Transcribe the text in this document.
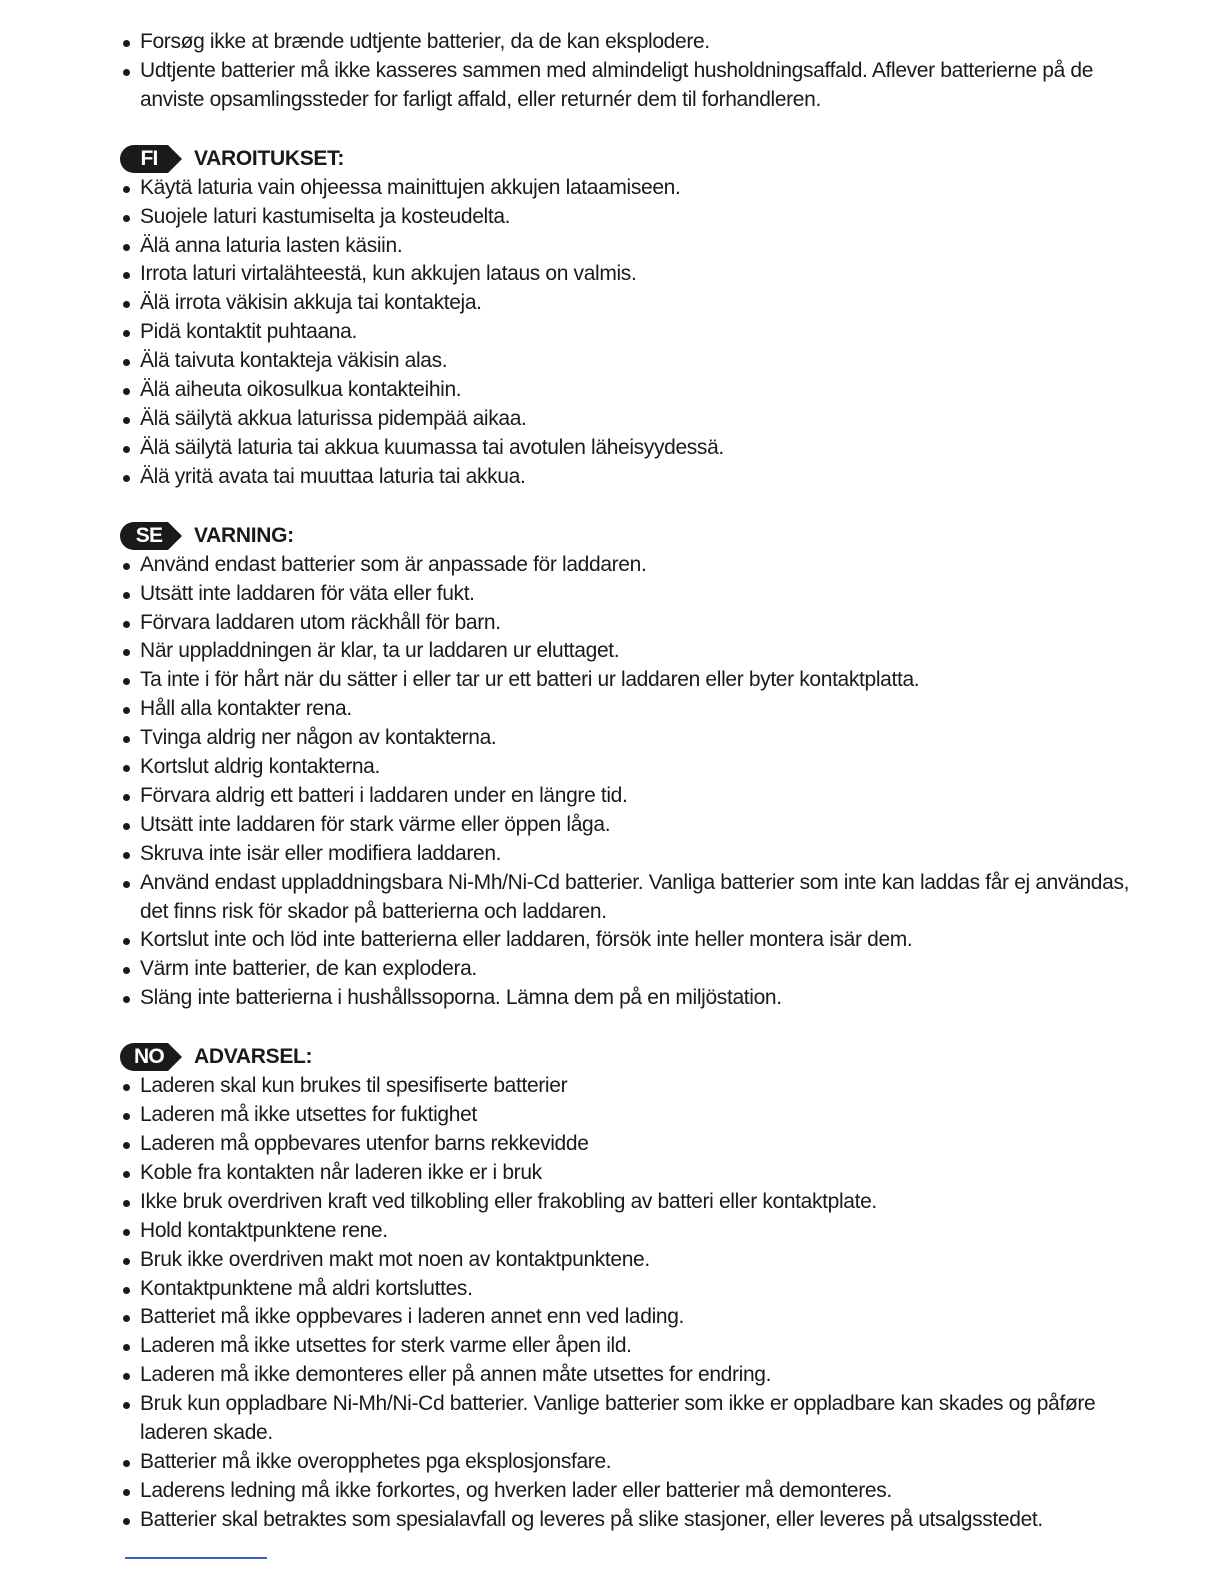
Forsøg ikke at brænde udtjente batterier, da de kan eksplodere.
Udtjente batterier må ikke kasseres sammen med almindeligt husholdningsaffald. Aflever batterierne på de anviste opsamlingssteder for farligt affald, eller returnér dem til forhandleren.
FI	VAROITUKSET:
Käytä laturia vain ohjeessa mainittujen akkujen lataamiseen.
Suojele laturi kastumiselta ja kosteudelta.
Älä anna laturia lasten käsiin.
Irrota laturi virtalähteestä, kun akkujen lataus on valmis.
Älä irrota väkisin akkuja tai kontakteja.
Pidä kontaktit puhtaana.
Älä taivuta kontakteja väkisin alas.
Älä aiheuta oikosulkua kontakteihin.
Älä säilytä akkua laturissa pidempää aikaa.
Älä säilytä laturia tai akkua kuumassa tai avotulen läheisyydessä.
Älä yritä avata tai muuttaa laturia tai akkua.
SE	VARNING:
Använd endast batterier som är anpassade för laddaren.
Utsätt inte laddaren för väta eller fukt.
Förvara laddaren utom räckhåll för barn.
När uppladdningen är klar, ta ur laddaren ur eluttaget.
Ta inte i för hårt när du sätter i eller tar ur ett batteri ur laddaren eller byter kontaktplatta.
Håll alla kontakter rena.
Tvinga aldrig ner någon av kontakterna.
Kortslut aldrig kontakterna.
Förvara aldrig ett batteri i laddaren under en längre tid.
Utsätt inte laddaren för stark värme eller öppen låga.
Skruva inte isär eller modifiera laddaren.
Använd endast uppladdningsbara Ni-Mh/Ni-Cd batterier. Vanliga batterier som inte kan laddas får ej användas, det finns risk för skador på batterierna och laddaren.
Kortslut inte och löd inte batterierna eller laddaren, försök inte heller montera isär dem.
Värm inte batterier, de kan explodera.
Släng inte batterierna i hushållssoporna. Lämna dem på en miljöstation.
NO	ADVARSEL:
Laderen skal kun brukes til spesifiserte batterier
Laderen må ikke utsettes for fuktighet
Laderen må oppbevares utenfor barns rekkevidde
Koble fra kontakten når laderen ikke er i bruk
Ikke bruk overdriven kraft ved tilkobling eller frakobling av batteri eller kontaktplate.
Hold kontaktpunktene rene.
Bruk ikke overdriven makt mot noen av kontaktpunktene.
Kontaktpunktene må aldri kortsluttes.
Batteriet må ikke oppbevares i laderen annet enn ved lading.
Laderen må ikke utsettes for sterk varme eller åpen ild.
Laderen må ikke demonteres eller på annen måte utsettes for endring.
Bruk kun oppladbare Ni-Mh/Ni-Cd batterier. Vanlige batterier som ikke er oppladbare kan skades og påføre laderen skade.
Batterier må ikke overopphetes pga eksplosjonsfare.
Laderens ledning må ikke forkortes, og hverken lader eller batterier må demonteres.
Batterier skal betraktes som spesialavfall og leveres på slike stasjoner, eller leveres på utsalgsstedet.
